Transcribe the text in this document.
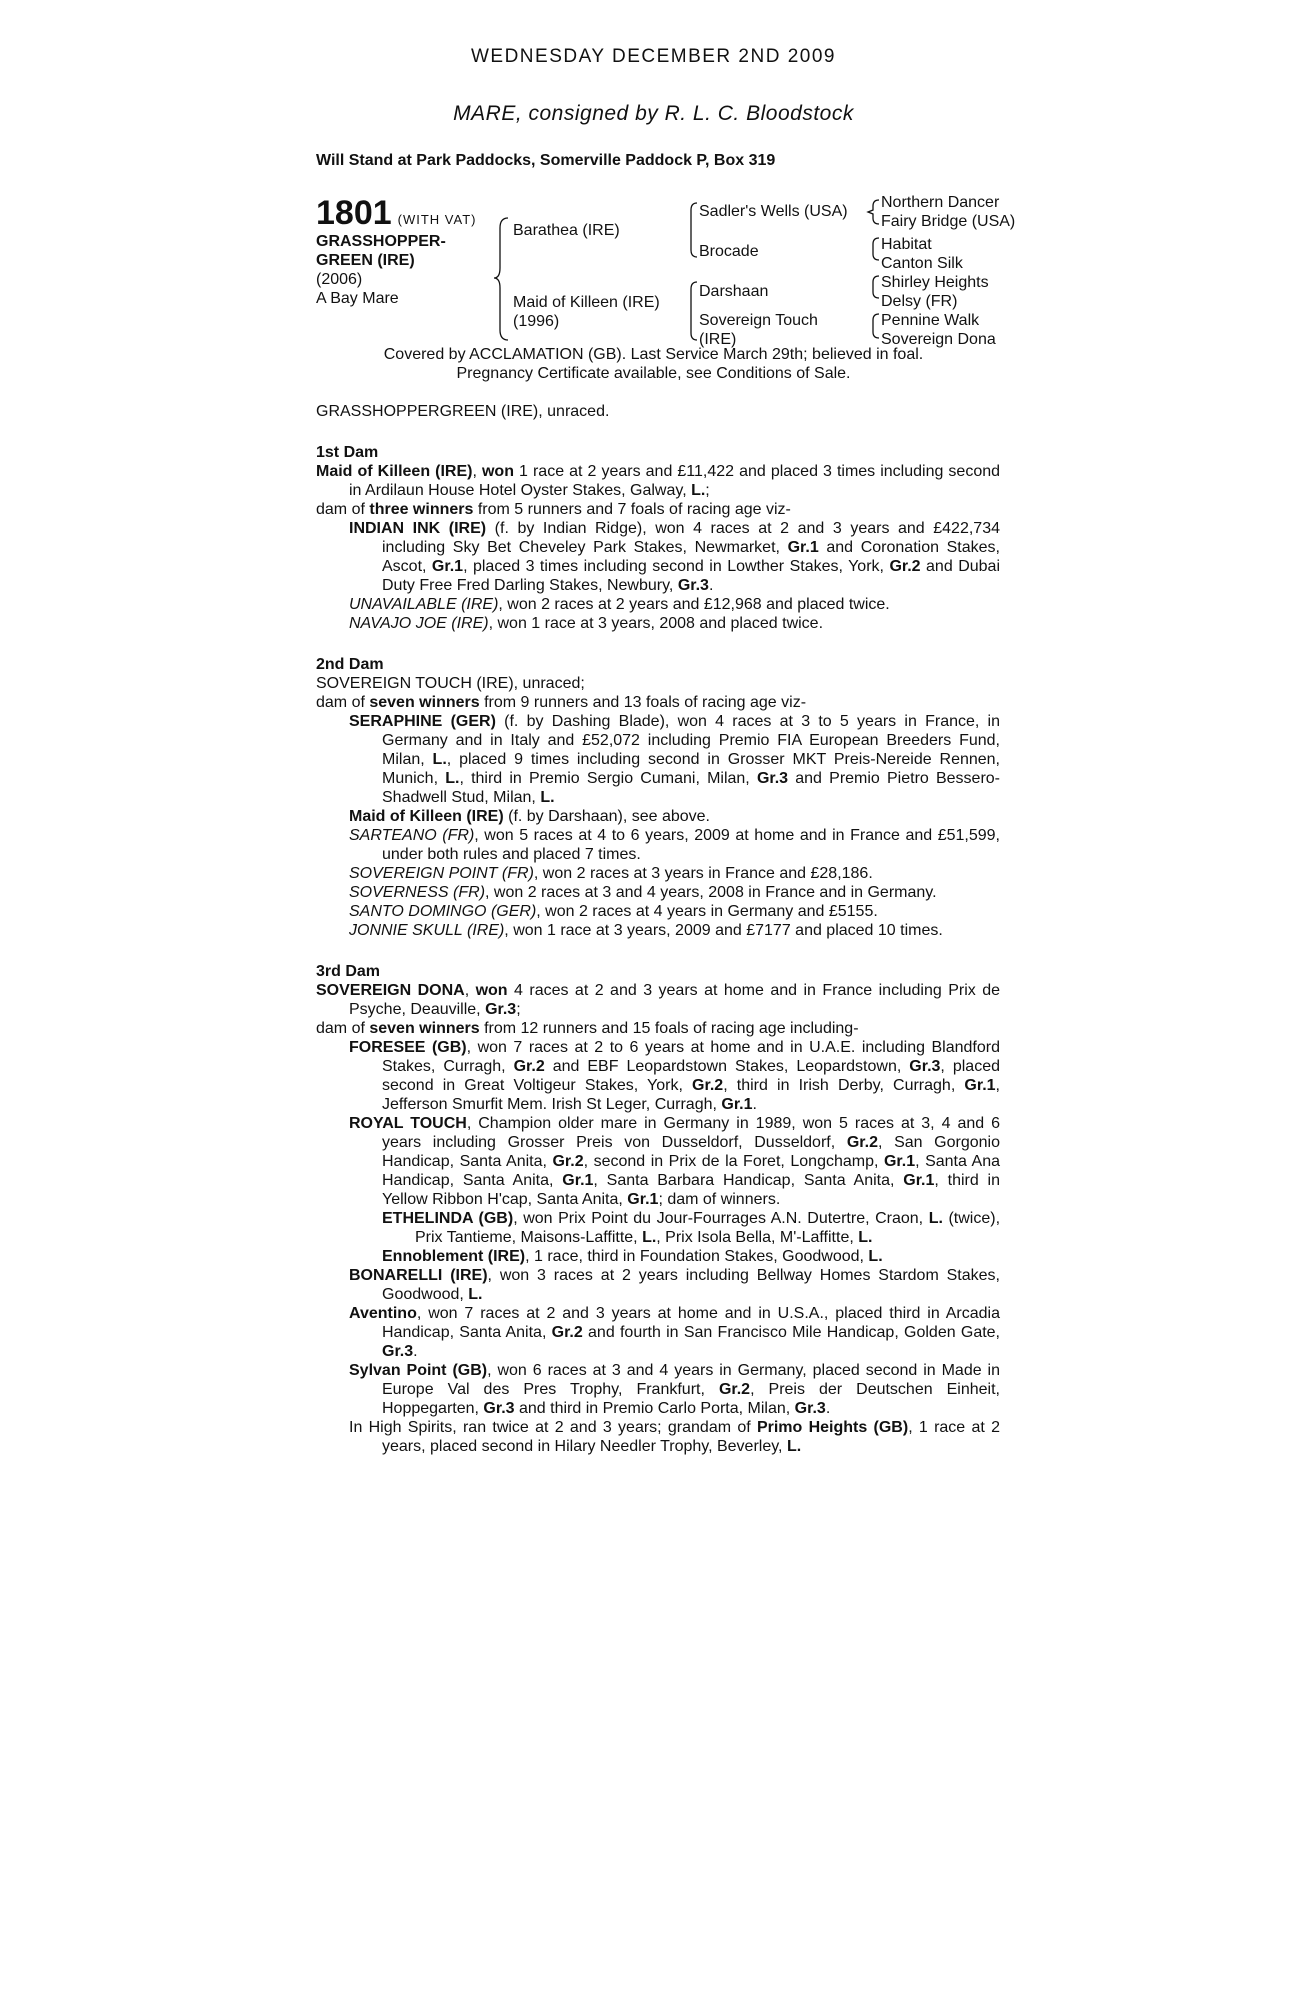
WEDNESDAY DECEMBER 2ND 2009
MARE, consigned by R. L. C. Bloodstock
Will Stand at Park Paddocks, Somerville Paddock P, Box 319
1801 (WITH VAT)
GRASSHOPPER-
GREEN (IRE)
(2006)
A Bay Mare
Barathea (IRE)
Maid of Killeen (IRE)
(1996)
Sadler's Wells (USA)
Brocade
Darshaan
Sovereign Touch
(IRE)
Northern Dancer
Fairy Bridge (USA)
Habitat
Canton Silk
Shirley Heights
Delsy (FR)
Pennine Walk
Sovereign Dona
Covered by ACCLAMATION (GB). Last Service March 29th; believed in foal.
Pregnancy Certificate available, see Conditions of Sale.
GRASSHOPPERGREEN (IRE), unraced.
1st Dam
Maid of Killeen (IRE), won 1 race at 2 years and £11,422 and placed 3 times including second in Ardilaun House Hotel Oyster Stakes, Galway, L.;
dam of three winners from 5 runners and 7 foals of racing age viz-
INDIAN INK (IRE) (f. by Indian Ridge), won 4 races at 2 and 3 years and £422,734 including Sky Bet Cheveley Park Stakes, Newmarket, Gr.1 and Coronation Stakes, Ascot, Gr.1, placed 3 times including second in Lowther Stakes, York, Gr.2 and Dubai Duty Free Fred Darling Stakes, Newbury, Gr.3.
UNAVAILABLE (IRE), won 2 races at 2 years and £12,968 and placed twice.
NAVAJO JOE (IRE), won 1 race at 3 years, 2008 and placed twice.
2nd Dam
SOVEREIGN TOUCH (IRE), unraced;
dam of seven winners from 9 runners and 13 foals of racing age viz-
SERAPHINE (GER) (f. by Dashing Blade), won 4 races at 3 to 5 years in France, in Germany and in Italy and £52,072 including Premio FIA European Breeders Fund, Milan, L., placed 9 times including second in Grosser MKT Preis-Nereide Rennen, Munich, L., third in Premio Sergio Cumani, Milan, Gr.3 and Premio Pietro Bessero-Shadwell Stud, Milan, L.
Maid of Killeen (IRE) (f. by Darshaan), see above.
SARTEANO (FR), won 5 races at 4 to 6 years, 2009 at home and in France and £51,599, under both rules and placed 7 times.
SOVEREIGN POINT (FR), won 2 races at 3 years in France and £28,186.
SOVERNESS (FR), won 2 races at 3 and 4 years, 2008 in France and in Germany.
SANTO DOMINGO (GER), won 2 races at 4 years in Germany and £5155.
JONNIE SKULL (IRE), won 1 race at 3 years, 2009 and £7177 and placed 10 times.
3rd Dam
SOVEREIGN DONA, won 4 races at 2 and 3 years at home and in France including Prix de Psyche, Deauville, Gr.3;
dam of seven winners from 12 runners and 15 foals of racing age including-
FORESEE (GB), won 7 races at 2 to 6 years at home and in U.A.E. including Blandford Stakes, Curragh, Gr.2 and EBF Leopardstown Stakes, Leopardstown, Gr.3, placed second in Great Voltigeur Stakes, York, Gr.2, third in Irish Derby, Curragh, Gr.1, Jefferson Smurfit Mem. Irish St Leger, Curragh, Gr.1.
ROYAL TOUCH, Champion older mare in Germany in 1989, won 5 races at 3, 4 and 6 years including Grosser Preis von Dusseldorf, Dusseldorf, Gr.2, San Gorgonio Handicap, Santa Anita, Gr.2, second in Prix de la Foret, Longchamp, Gr.1, Santa Ana Handicap, Santa Anita, Gr.1, Santa Barbara Handicap, Santa Anita, Gr.1, third in Yellow Ribbon H'cap, Santa Anita, Gr.1; dam of winners.
ETHELINDA (GB), won Prix Point du Jour-Fourrages A.N. Dutertre, Craon, L. (twice), Prix Tantieme, Maisons-Laffitte, L., Prix Isola Bella, M'-Laffitte, L.
Ennoblement (IRE), 1 race, third in Foundation Stakes, Goodwood, L.
BONARELLI (IRE), won 3 races at 2 years including Bellway Homes Stardom Stakes, Goodwood, L.
Aventino, won 7 races at 2 and 3 years at home and in U.S.A., placed third in Arcadia Handicap, Santa Anita, Gr.2 and fourth in San Francisco Mile Handicap, Golden Gate, Gr.3.
Sylvan Point (GB), won 6 races at 3 and 4 years in Germany, placed second in Made in Europe Val des Pres Trophy, Frankfurt, Gr.2, Preis der Deutschen Einheit, Hoppegarten, Gr.3 and third in Premio Carlo Porta, Milan, Gr.3.
In High Spirits, ran twice at 2 and 3 years; grandam of Primo Heights (GB), 1 race at 2 years, placed second in Hilary Needler Trophy, Beverley, L.
